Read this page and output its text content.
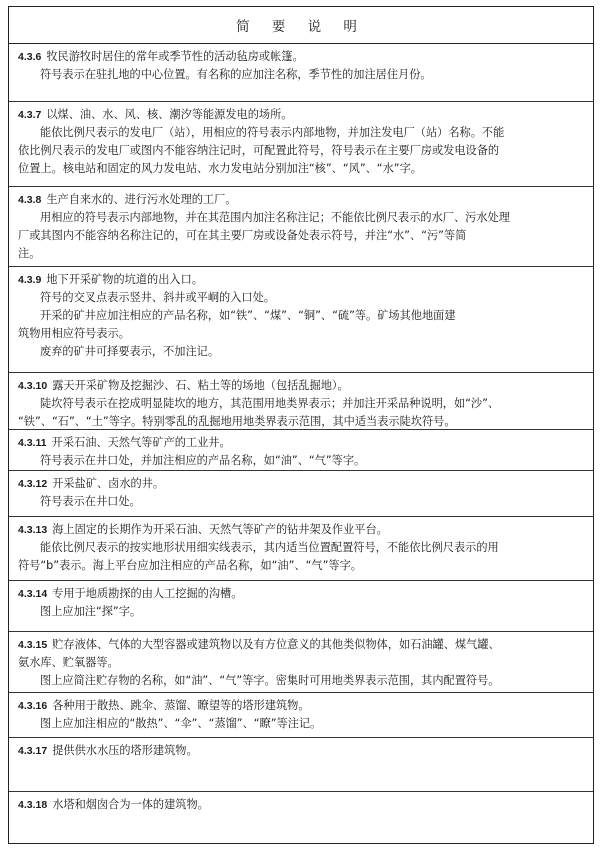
简 要 说 明

4.3.6 牧民游牧时居住的常年或季节性的活动毡房或帐篷。

符号表示在驻扎地的中心位置。有名称的应加注名称，季节性的加注居住月份。

4.3.7 以煤、油、水、风、核、潮汐等能源发电的场所。

能依比例尺表示的发电厂（站），用相应的符号表示内部地物，并加注发电厂（站）名称。不能

依比例尺表示的发电厂或图内不能容纳注记时，可配置此符号，符号表示在主要厂房或发电设备的

位置上。核电站和固定的风力发电站、水力发电站分别加注“核”、“风”、“水”字。

4.3.8 生产自来水的、进行污水处理的工厂。

用相应的符号表示内部地物，并在其范围内加注名称注记；不能依比例尺表示的水厂、污水处理

厂或其图内不能容纳名称注记的，可在其主要厂房或设备处表示符号，并注“水”、“污”等简

注。

4.3.9 地下开采矿物的坑道的出入口。

符号的交叉点表示竖井、斜井或平峒的入口处。

开采的矿井应加注相应的产品名称，如“铁”、“煤”、“铜”、“硫”等。矿场其他地面建

筑物用相应符号表示。

废弃的矿井可择要表示，不加注记。

4.3.10 露天开采矿物及挖掘沙、石、粘土等的场地（包括乱掘地）。

陡坎符号表示在挖成明显陡坎的地方，其范围用地类界表示；并加注开采品种说明，如“沙”、

“铁”、“石”、“土”等字。特别零乱的乱掘地用地类界表示范围，其中适当表示陡坎符号。

4.3.11 开采石油、天然气等矿产的工业井。

符号表示在井口处，并加注相应的产品名称，如“油”、“气”等字。

4.3.12 开采盐矿、卤水的井。

符号表示在井口处。

4.3.13 海上固定的长期作为开采石油、天然气等矿产的钻井架及作业平台。

能依比例尺表示的按实地形状用细实线表示，其内适当位置配置符号，不能依比例尺表示的用

符号“b”表示。海上平台应加注相应的产品名称，如“油”、“气”等字。

4.3.14 专用于地质勘探的由人工挖掘的沟槽。

图上应加注“探”字。

4.3.15 贮存液体、气体的大型容器或建筑物以及有方位意义的其他类似物体，如石油罐、煤气罐、

氨水库、贮氧器等。

图上应简注贮存物的名称，如“油”、“气”等字。密集时可用地类界表示范围，其内配置符号。

4.3.16 各种用于散热、跳伞、蒸馏、瞭望等的塔形建筑物。

图上应加注相应的“散热”、“伞”、“蒸馏”、“瞭”等注记。

4.3.17 提供供水水压的塔形建筑物。

4.3.18 水塔和烟囱合为一体的建筑物。
